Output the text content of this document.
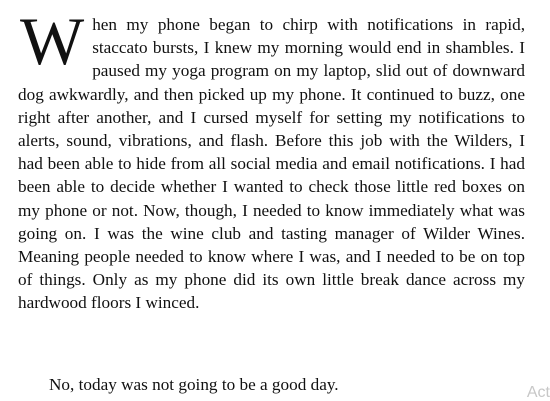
When my phone began to chirp with notifications in rapid, staccato bursts, I knew my morning would end in shambles. I paused my yoga program on my laptop, slid out of downward dog awkwardly, and then picked up my phone. It continued to buzz, one right after another, and I cursed myself for setting my notifications to alerts, sound, vibrations, and flash. Before this job with the Wilders, I had been able to hide from all social media and email notifications. I had been able to decide whether I wanted to check those little red boxes on my phone or not. Now, though, I needed to know immediately what was going on. I was the wine club and tasting manager of Wilder Wines. Meaning people needed to know where I was, and I needed to be on top of things. Only as my phone did its own little break dance across my hardwood floors I winced.

No, today was not going to be a good day.	Act
